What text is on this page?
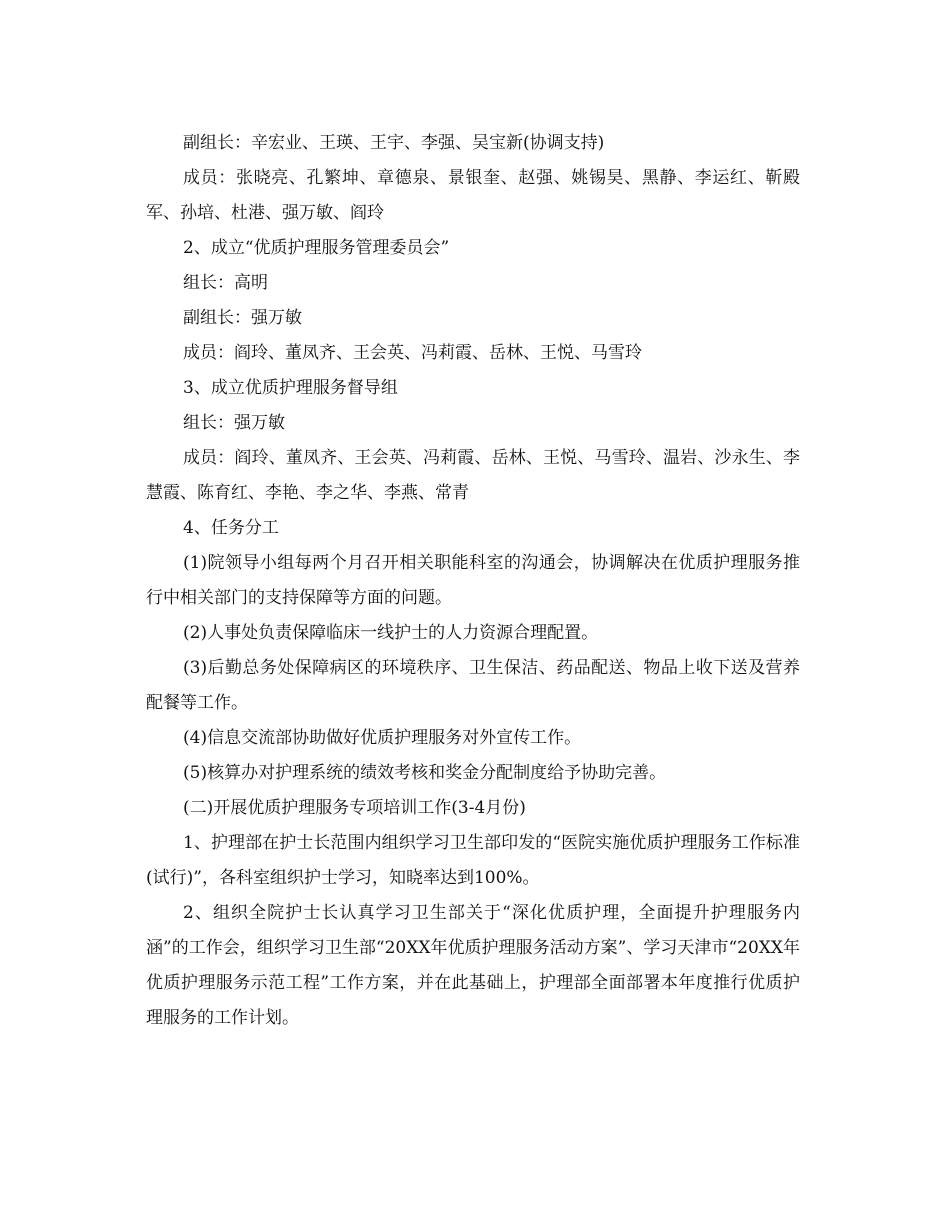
副组长：辛宏业、王瑛、王宇、李强、吴宝新(协调支持)

成员：张晓亮、孔繁坤、章德泉、景银奎、赵强、姚锡昊、黑静、李运红、靳殿军、孙培、杜港、强万敏、阎玲

2、成立“优质护理服务管理委员会”

组长：高明

副组长：强万敏

成员：阎玲、董凤齐、王会英、冯莉霞、岳林、王悦、马雪玲

3、成立优质护理服务督导组

组长：强万敏

成员：阎玲、董凤齐、王会英、冯莉霞、岳林、王悦、马雪玲、温岩、沙永生、李慧霞、陈育红、李艳、李之华、李燕、常青

4、任务分工

(1)院领导小组每两个月召开相关职能科室的沟通会，协调解决在优质护理服务推行中相关部门的支持保障等方面的问题。

(2)人事处负责保障临床一线护士的人力资源合理配置。

(3)后勤总务处保障病区的环境秩序、卫生保洁、药品配送、物品上收下送及营养配餐等工作。

(4)信息交流部协助做好优质护理服务对外宣传工作。

(5)核算办对护理系统的绩效考核和奖金分配制度给予协助完善。

(二)开展优质护理服务专项培训工作(3-4月份)

1、护理部在护士长范围内组织学习卫生部印发的“医院实施优质护理服务工作标准(试行)”，各科室组织护士学习，知晓率达到100%。

2、组织全院护士长认真学习卫生部关于“深化优质护理，全面提升护理服务内涵”的工作会，组织学习卫生部“20XX年优质护理服务活动方案”、学习天津市“20XX年优质护理服务示范工程”工作方案，并在此基础上，护理部全面部署本年度推行优质护理服务的工作计划。
